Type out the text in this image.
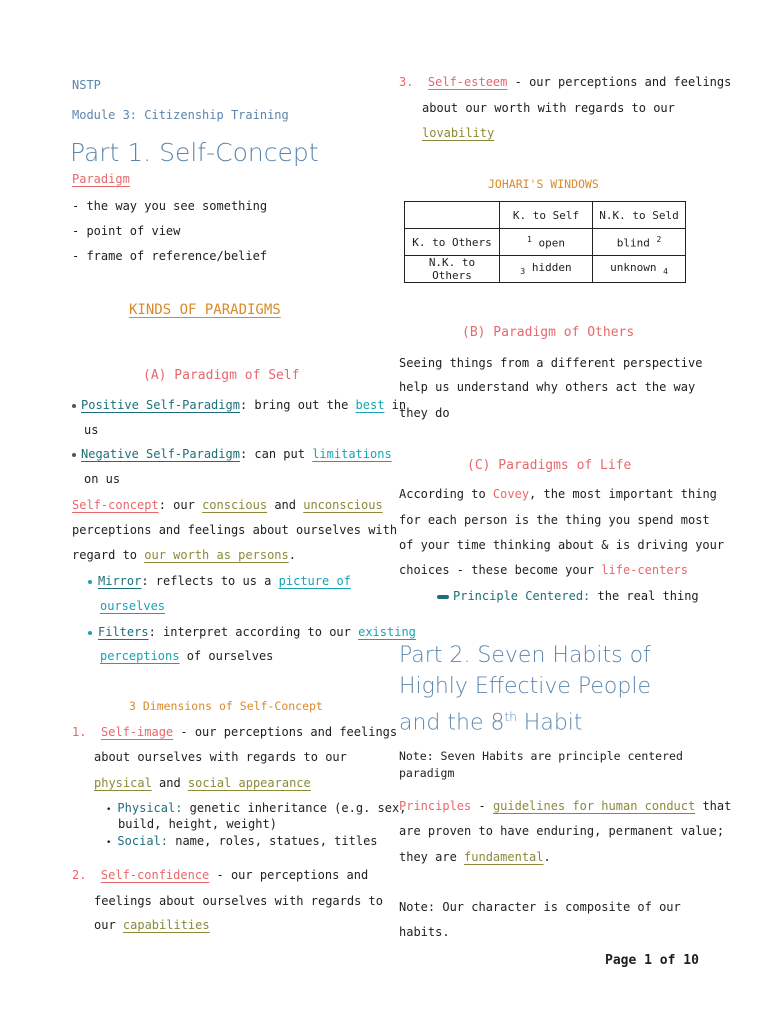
NSTP
Module 3: Citizenship Training
Part 1. Self-Concept
Paradigm
- the way you see something
- point of view
- frame of reference/belief
KINDS OF PARADIGMS
(A) Paradigm of Self
Positive Self-Paradigm: bring out the best in
us
Negative Self-Paradigm: can put limitations
on us
Self-concept: our conscious and unconscious
perceptions and feelings about ourselves with
regard to our worth as persons.
Mirror: reflects to us a picture of
ourselves
Filters: interpret according to our existing
perceptions of ourselves
3 Dimensions of Self-Concept
1. Self-image - our perceptions and feelings
about ourselves with regards to our
physical and social appearance
• Physical: genetic inheritance (e.g. sex,
build, height, weight)
• Social: name, roles, statues, titles
2. Self-confidence - our perceptions and
feelings about ourselves with regards to
our capabilities
3. Self-esteem - our perceptions and feelings
about our worth with regards to our
lovability
JOHARI'S WINDOWS
	K. to Self	N.K. to Seld
K. to Others	$^1$ open	blind $^2$
N.K. to Others	$_3$ hidden	unknown $_4$
(B) Paradigm of Others
Seeing things from a different perspective
help us understand why others act the way
they do
(C) Paradigms of Life
According to Covey, the most important thing
for each person is the thing you spend most
of your time thinking about & is driving your
choices - these become your life-centers
Principle Centered: the real thing
Part 2. Seven Habits of
Highly Effective People
and the 8th Habit
Note: Seven Habits are principle centered
paradigm
Principles - guidelines for human conduct that
are proven to have enduring, permanent value;
they are fundamental.
Note: Our character is composite of our
habits.
Page 1 of 10
